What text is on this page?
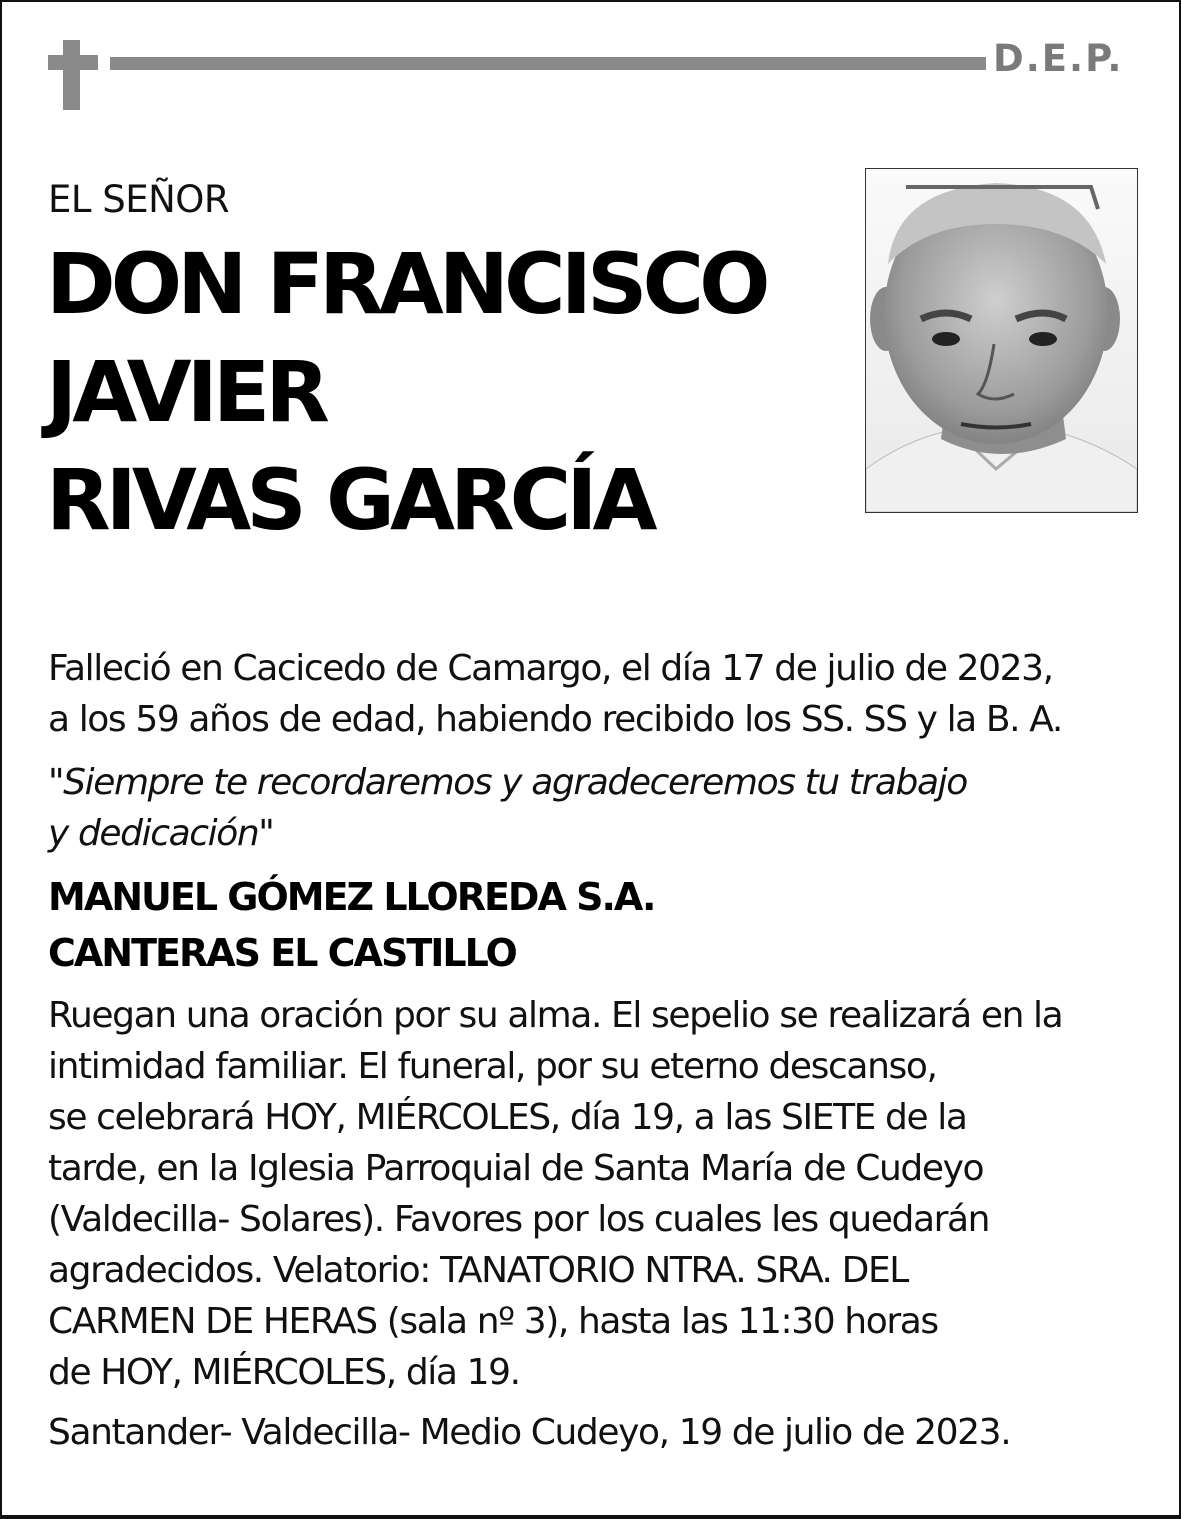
D.E.P.
EL SEÑOR
DON FRANCISCO
JAVIER
RIVAS GARCÍA
Falleció en Cacicedo de Camargo, el día 17 de julio de 2023,
a los 59 años de edad, habiendo recibido los SS. SS y la B. A.
"Siempre te recordaremos y agradeceremos tu trabajo
y dedicación"
MANUEL GÓMEZ LLOREDA S.A.
CANTERAS EL CASTILLO
Ruegan una oración por su alma. El sepelio se realizará en la
intimidad familiar. El funeral, por su eterno descanso,
se celebrará HOY, MIÉRCOLES, día 19, a las SIETE de la
tarde, en la Iglesia Parroquial de Santa María de Cudeyo
(Valdecilla- Solares). Favores por los cuales les quedarán
agradecidos. Velatorio: TANATORIO NTRA. SRA. DEL
CARMEN DE HERAS (sala nº 3), hasta las 11:30 horas
de HOY, MIÉRCOLES, día 19.
Santander- Valdecilla- Medio Cudeyo, 19 de julio de 2023.
